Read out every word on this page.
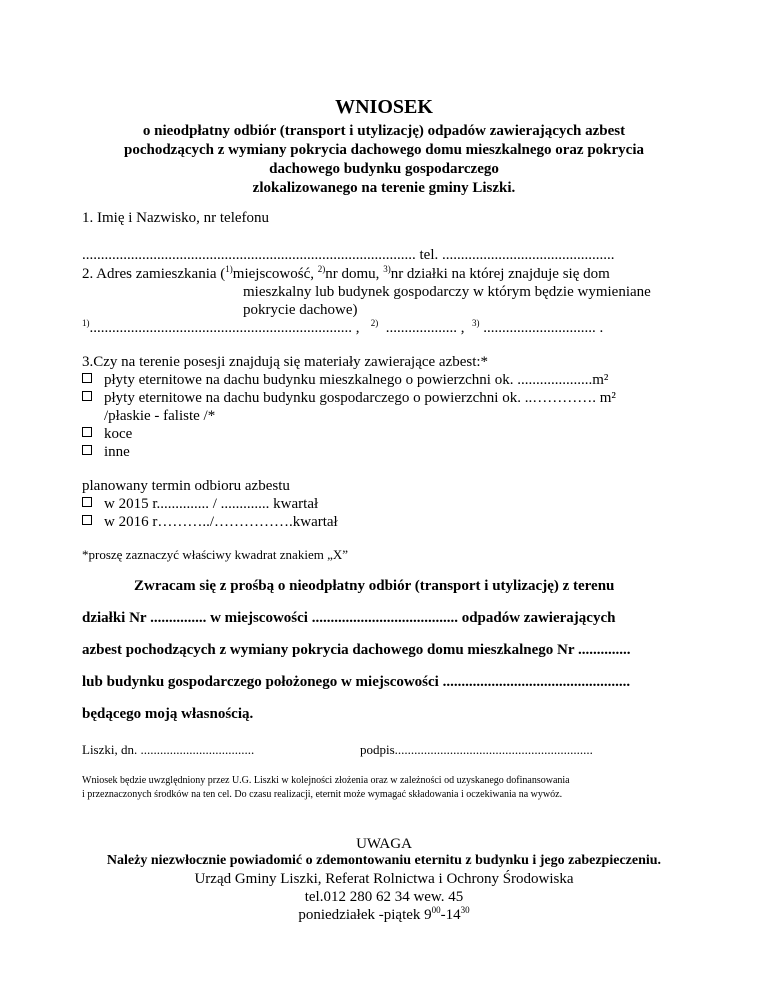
WNIOSEK
o nieodpłatny odbiór (transport i utylizację) odpadów zawierających azbest
pochodzących z wymiany pokrycia dachowego domu mieszkalnego oraz pokrycia
dachowego budynku gospodarczego
zlokalizowanego na terenie gminy Liszki.
1. Imię i Nazwisko, nr telefonu
......................................................................................... tel. ..............................................
2. Adres zamieszkania ($^{1)}$miejscowość, $^{2)}$nr domu, $^{3)}$nr działki na której znajduje się dom
mieszkalny lub budynek gospodarczy w którym będzie wymieniane
pokrycie dachowe)
$^{1)}$...................................................................... , $^{2)}$ ................... , $^{3)}$ .............................. .
3.Czy na terenie posesji znajdują się materiały zawierające azbest:*
płyty eternitowe na dachu budynku mieszkalnego o powierzchni ok. ....................m²
płyty eternitowe na dachu budynku gospodarczego o powierzchni ok. ..…………. m²
/płaskie - faliste /*
koce
inne
planowany termin odbioru azbestu
w 2015 r.............. / ............. kwartał
w 2016 r………../…………….kwartał
*proszę zaznaczyć właściwy kwadrat znakiem „X”
Zwracam się z prośbą o nieodpłatny odbiór (transport i utylizację) z terenu
działki Nr ............... w miejscowości ....................................... odpadów zawierających
azbest pochodzących z wymiany pokrycia dachowego domu mieszkalnego Nr ..............
lub budynku gospodarczego położonego w miejscowości ..................................................
będącego moją własnością.
Liszki, dn. ...................................	podpis.............................................................
Wniosek będzie uwzględniony przez U.G. Liszki w kolejności złożenia oraz w zależności od uzyskanego dofinansowania
i przeznaczonych środków na ten cel. Do czasu realizacji, eternit może wymagać składowania i oczekiwania na wywóz.
UWAGA
Należy niezwłocznie powiadomić o zdemontowaniu eternitu z budynku i jego zabezpieczeniu.
Urząd Gminy Liszki, Referat Rolnictwa i Ochrony Środowiska
tel.012 280 62 34 wew. 45
poniedziałek -piątek $9^{00}-14^{30}$
